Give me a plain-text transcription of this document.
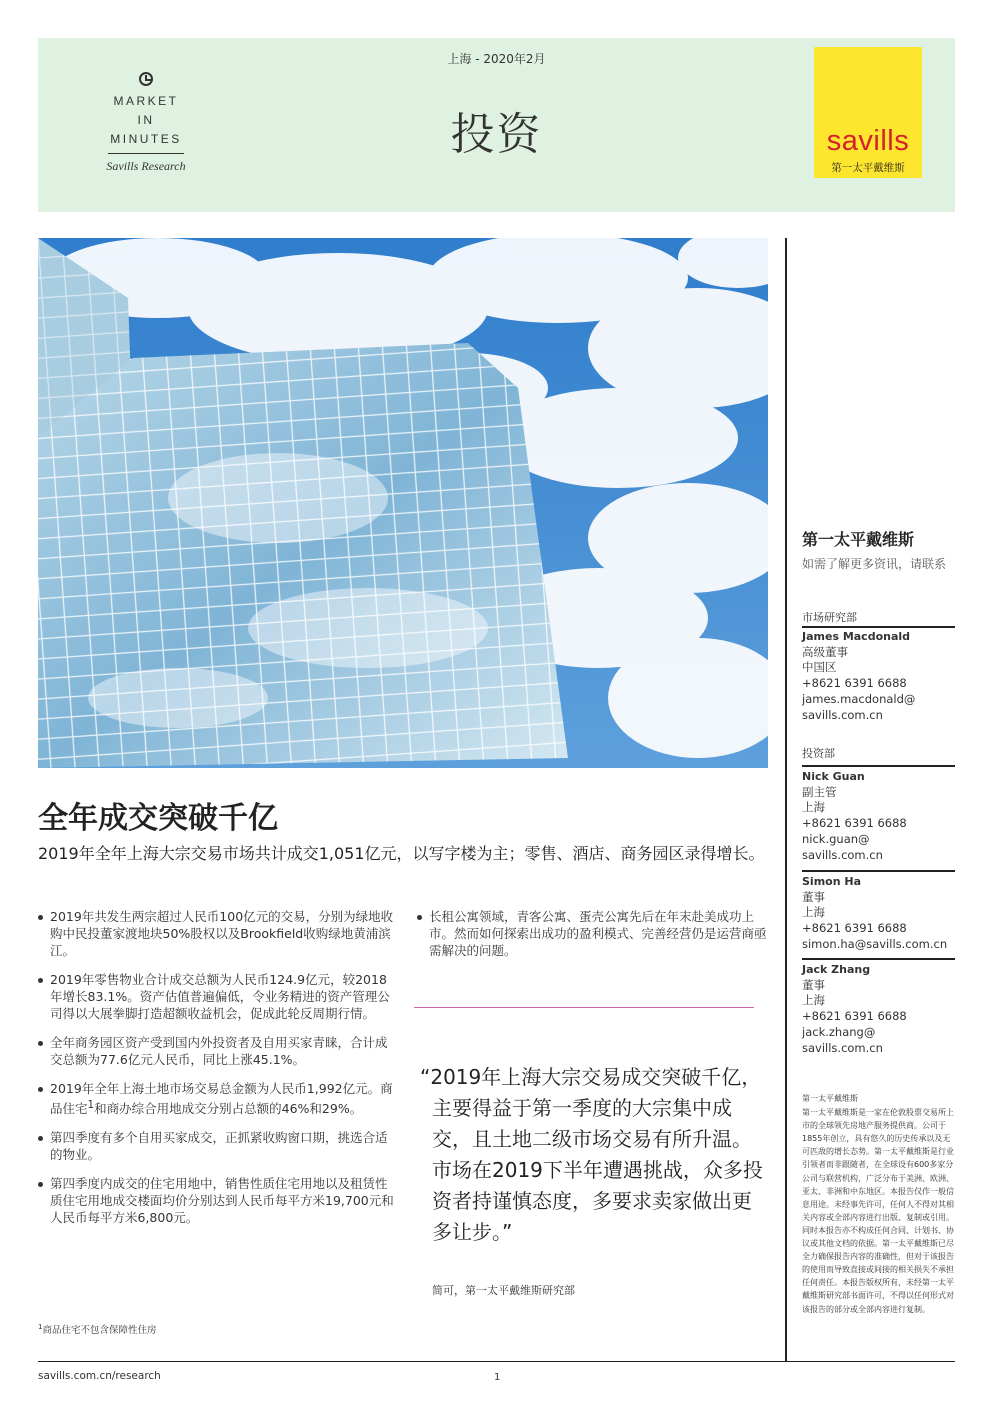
MARKET
IN
MINUTES
Savills Research
上海 - 2020年2月
投资	savills
第一太平戴维斯
全年成交突破千亿

2019年全年上海大宗交易市场共计成交1,051亿元，以写字楼为主；零售、酒店、商务园区录得增长。

2019年共发生两宗超过人民币100亿元的交易，分别为绿地收购中民投董家渡地块50%股权以及Brookfield收购绿地黄浦滨江。
2019年零售物业合计成交总额为人民币124.9亿元，较2018年增长83.1%。资产估值普遍偏低，令业务精进的资产管理公司得以大展拳脚打造超额收益机会，促成此轮反周期行情。
全年商务园区资产受到国内外投资者及自用买家青睐，合计成交总额为77.6亿元人民币，同比上涨45.1%。
2019年全年上海土地市场交易总金额为人民币1,992亿元。商品住宅$^1$和商办综合用地成交分别占总额的46%和29%。
第四季度有多个自用买家成交，正抓紧收购窗口期，挑选合适的物业。
第四季度内成交的住宅用地中，销售性质住宅用地以及租赁性质住宅用地成交楼面均价分别达到人民币每平方米19,700元和人民币每平方米6,800元。
长租公寓领域，青客公寓、蛋壳公寓先后在年末赴美成功上市。然而如何探索出成功的盈利模式、完善经营仍是运营商亟需解决的问题。
“2019年上海大宗交易成交突破千亿，主要得益于第一季度的大宗集中成交，且土地二级市场交易有所升温。市场在2019下半年遭遇挑战，众多投资者持谨慎态度，多要求卖家做出更多让步。”
简可，第一太平戴维斯研究部
$^1$商品住宅不包含保障性住房
第一太平戴维斯
如需了解更多资讯，请联系
市场研究部
James Macdonald
高级董事
中国区
+8621 6391 6688
james.macdonald@
savills.com.cn
投资部
Nick Guan
副主管
上海
+8621 6391 6688
nick.guan@
savills.com.cn
Simon Ha
董事
上海
+8621 6391 6688
simon.ha@savills.com.cn
Jack Zhang
董事
上海
+8621 6391 6688
jack.zhang@
savills.com.cn
第一太平戴维斯
第一太平戴维斯是一家在伦敦股票交易所上市的全球领先房地产服务提供商。公司于1855年创立，具有悠久的历史传承以及无可匹敌的增长态势。第一太平戴维斯是行业引领者而非跟随者，在全球设有600多家分公司与联营机构，广泛分布于美洲、欧洲、亚太、非洲和中东地区。本报告仅作一般信息用途。未经事先许可，任何人不得对其相关内容或全部内容进行出版、复制或引用。同时本报告亦不构成任何合同、计划书、协议或其他文档的依据。第一太平戴维斯已尽全力确保报告内容的准确性，但对于该报告的使用而导致直接或间接的相关损失不承担任何责任。本报告版权所有，未经第一太平戴维斯研究部书面许可，不得以任何形式对该报告的部分或全部内容进行复制。
savills.com.cn/research	1
